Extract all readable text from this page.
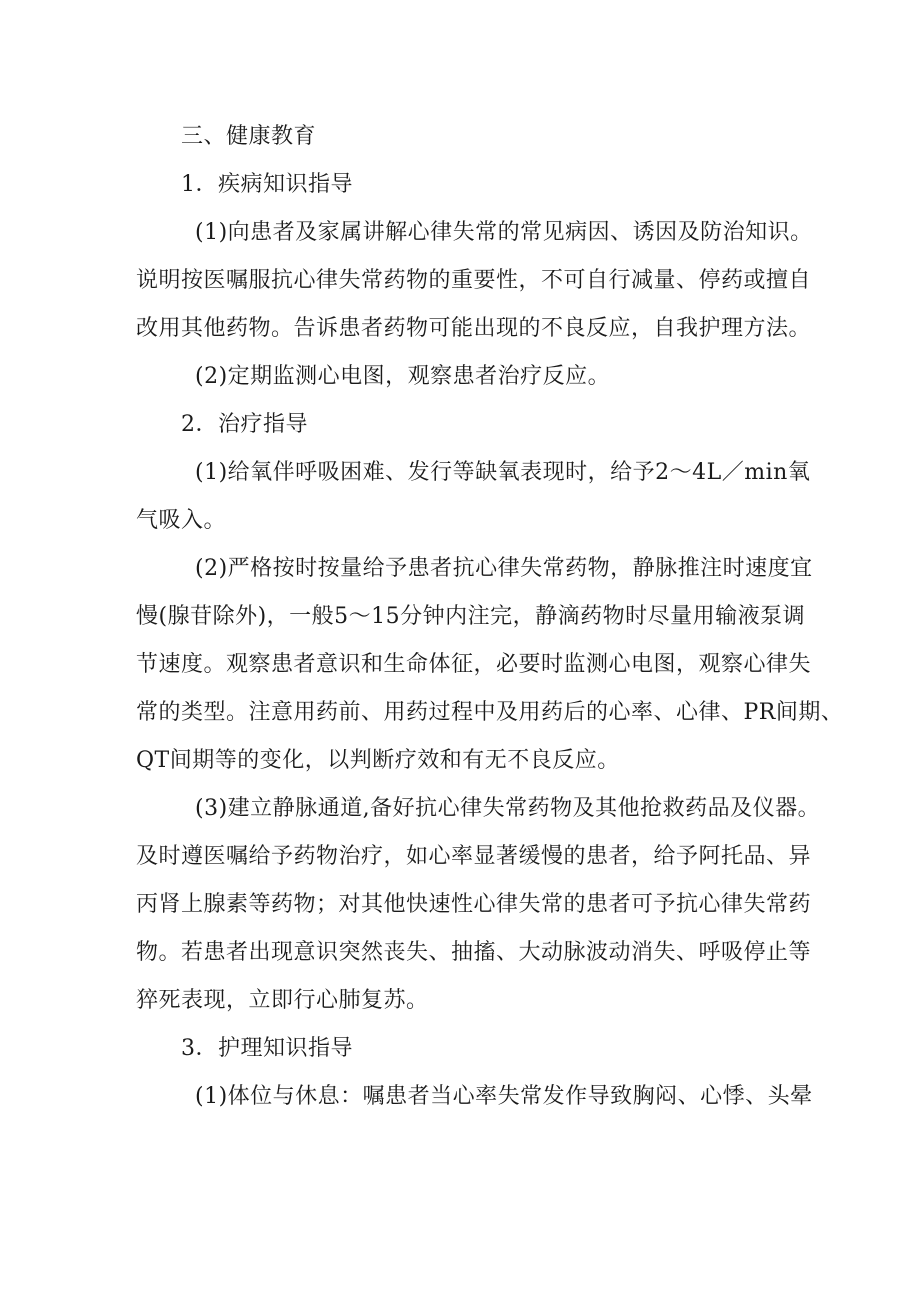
三、健康教育
1．疾病知识指导
(1)向患者及家属讲解心律失常的常见病因、诱因及防治知识。
说明按医嘱服抗心律失常药物的重要性，不可自行减量、停药或擅自
改用其他药物。告诉患者药物可能出现的不良反应，自我护理方法。
(2)定期监测心电图，观察患者治疗反应。
2．治疗指导
(1)给氧伴呼吸困难、发行等缺氧表现时，给予2～4L／min氧
气吸入。
(2)严格按时按量给予患者抗心律失常药物，静脉推注时速度宜
慢(腺苷除外)，一般5～15分钟内注完，静滴药物时尽量用输液泵调
节速度。观察患者意识和生命体征，必要时监测心电图，观察心律失
常的类型。注意用药前、用药过程中及用药后的心率、心律、PR间期、
QT间期等的变化，以判断疗效和有无不良反应。
(3)建立静脉通道,备好抗心律失常药物及其他抢救药品及仪器。
及时遵医嘱给予药物治疗，如心率显著缓慢的患者，给予阿托品、异
丙肾上腺素等药物；对其他快速性心律失常的患者可予抗心律失常药
物。若患者出现意识突然丧失、抽搐、大动脉波动消失、呼吸停止等
猝死表现，立即行心肺复苏。
3．护理知识指导
(1)体位与休息：嘱患者当心率失常发作导致胸闷、心悸、头晕
